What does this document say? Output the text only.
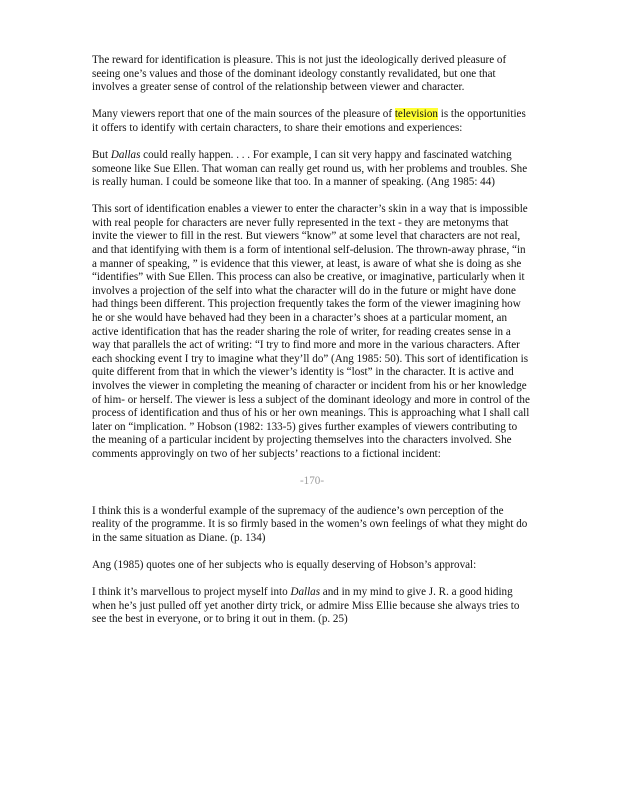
The reward for identification is pleasure. This is not just the ideologically derived pleasure of seeing one’s values and those of the dominant ideology constantly revalidated, but one that involves a greater sense of control of the relationship between viewer and character.

Many viewers report that one of the main sources of the pleasure of television is the opportunities it offers to identify with certain characters, to share their emotions and experiences:

But Dallas could really happen. . . . For example, I can sit very happy and fascinated watching someone like Sue Ellen. That woman can really get round us, with her problems and troubles. She is really human. I could be someone like that too. In a manner of speaking. (Ang 1985: 44)

This sort of identification enables a viewer to enter the character’s skin in a way that is impossible with real people for characters are never fully represented in the text - they are metonyms that invite the viewer to fill in the rest. But viewers “know” at some level that characters are not real, and that identifying with them is a form of intentional self-delusion. The thrown-away phrase, “in a manner of speaking, ” is evidence that this viewer, at least, is aware of what she is doing as she “identifies” with Sue Ellen. This process can also be creative, or imaginative, particularly when it involves a projection of the self into what the character will do in the future or might have done had things been different. This projection frequently takes the form of the viewer imagining how he or she would have behaved had they been in a character’s shoes at a particular moment, an active identification that has the reader sharing the role of writer, for reading creates sense in a way that parallels the act of writing: “I try to find more and more in the various characters. After each shocking event I try to imagine what they’ll do” (Ang 1985: 50). This sort of identification is quite different from that in which the viewer’s identity is “lost” in the character. It is active and involves the viewer in completing the meaning of character or incident from his or her knowledge of him- or herself. The viewer is less a subject of the dominant ideology and more in control of the process of identification and thus of his or her own meanings. This is approaching what I shall call later on “implication. ” Hobson (1982: 133-5) gives further examples of viewers contributing to the meaning of a particular incident by projecting themselves into the characters involved. She comments approvingly on two of her subjects’ reactions to a fictional incident:

-170-

I think this is a wonderful example of the supremacy of the audience’s own perception of the reality of the programme. It is so firmly based in the women’s own feelings of what they might do in the same situation as Diane. (p. 134)

Ang (1985) quotes one of her subjects who is equally deserving of Hobson’s approval:

I think it’s marvellous to project myself into Dallas and in my mind to give J. R. a good hiding when he’s just pulled off yet another dirty trick, or admire Miss Ellie because she always tries to see the best in everyone, or to bring it out in them. (p. 25)
